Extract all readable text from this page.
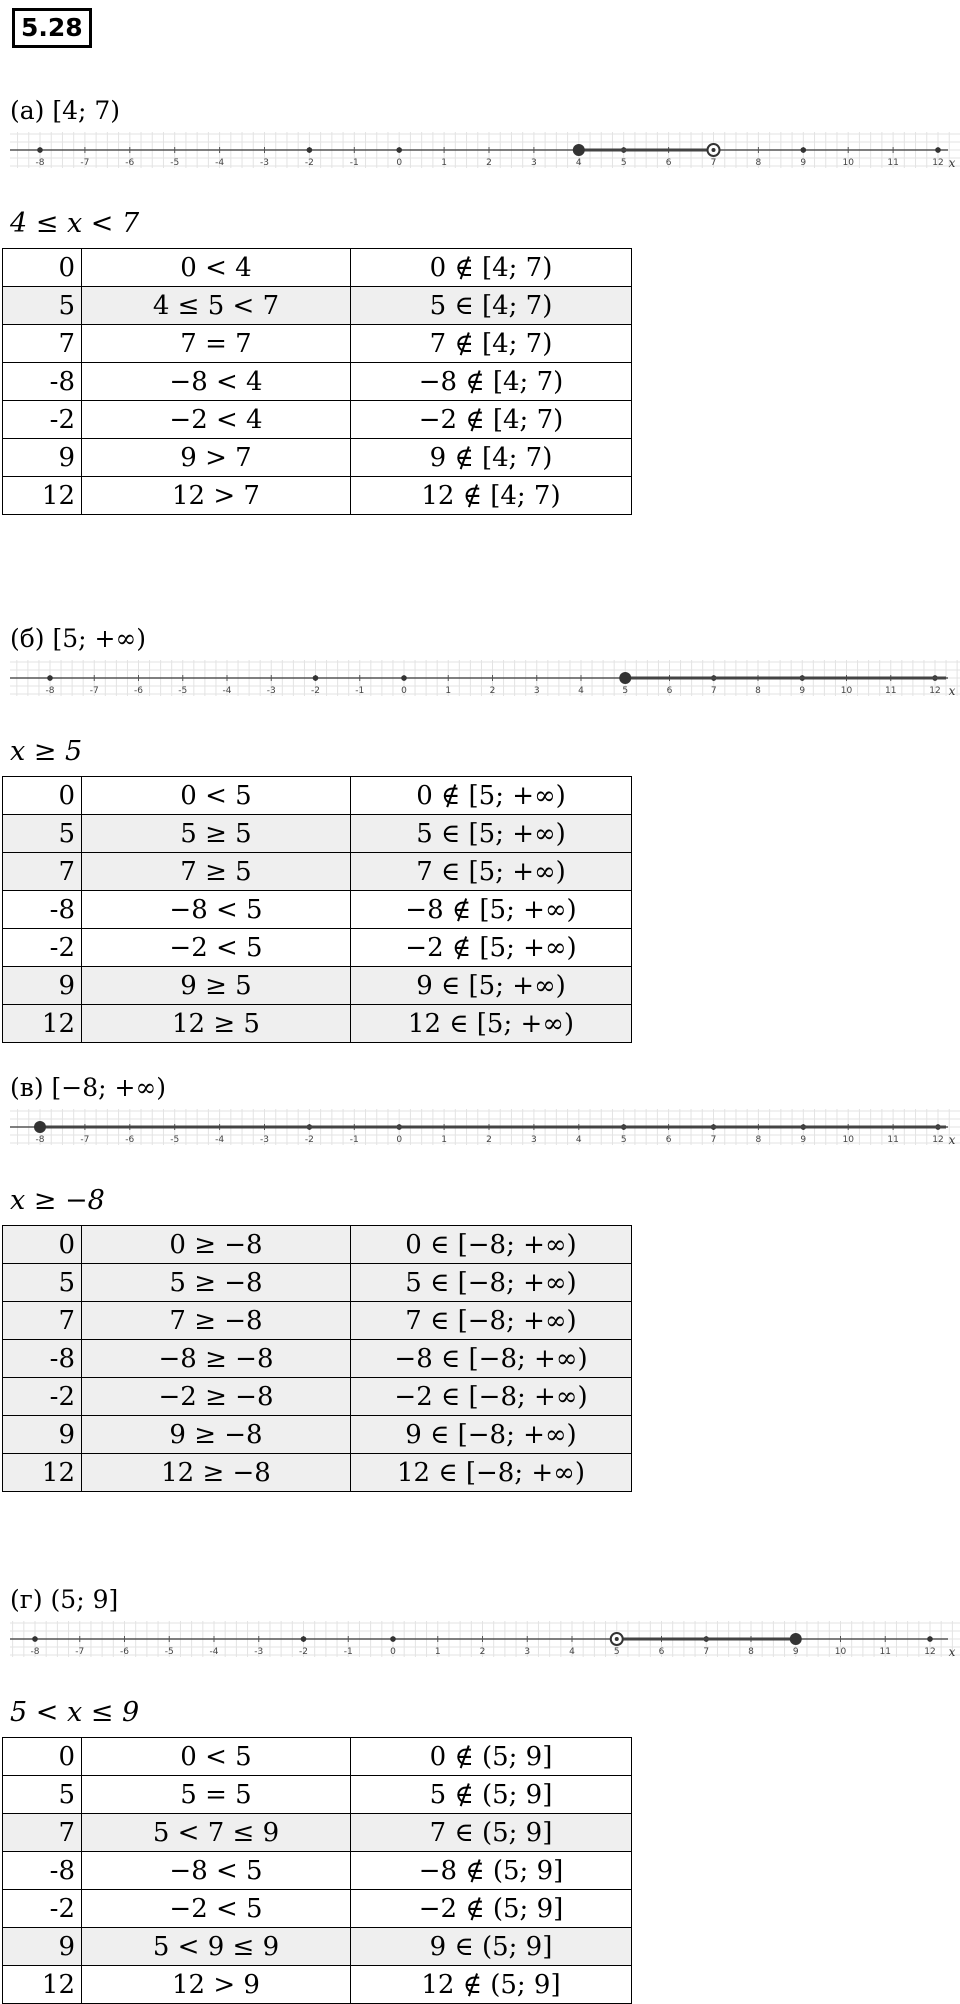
5.28
(а) [4; 7)
-8	-7	-6	-5	-4	-3	-2	-1	0	1	2	3	4	5	6	7	8	9	10	11	12 x
4 ≤ x < 7
0	0 < 4	0 ∉ [4; 7)
5	4 ≤ 5 < 7	5 ∈ [4; 7)
7	7 = 7	7 ∉ [4; 7)
-8	−8 < 4	−8 ∉ [4; 7)
-2	−2 < 4	−2 ∉ [4; 7)
9	9 > 7	9 ∉ [4; 7)
12	12 > 7	12 ∉ [4; 7)
(б) [5; +∞)
-8	-7	-6	-5	-4	-3	-2	-1	0	1	2	3	4	5	6	7	8	9	10	11	12 x
x ≥ 5
0	0 < 5	0 ∉ [5; +∞)
5	5 ≥ 5	5 ∈ [5; +∞)
7	7 ≥ 5	7 ∈ [5; +∞)
-8	−8 < 5	−8 ∉ [5; +∞)
-2	−2 < 5	−2 ∉ [5; +∞)
9	9 ≥ 5	9 ∈ [5; +∞)
12	12 ≥ 5	12 ∈ [5; +∞)
(в) [−8; +∞)
-8	-7	-6	-5	-4	-3	-2	-1	0	1	2	3	4	5	6	7	8	9	10	11	12 x
x ≥ −8
0	0 ≥ −8	0 ∈ [−8; +∞)
5	5 ≥ −8	5 ∈ [−8; +∞)
7	7 ≥ −8	7 ∈ [−8; +∞)
-8	−8 ≥ −8	−8 ∈ [−8; +∞)
-2	−2 ≥ −8	−2 ∈ [−8; +∞)
9	9 ≥ −8	9 ∈ [−8; +∞)
12	12 ≥ −8	12 ∈ [−8; +∞)
(г) (5; 9]
-8	-7	-6	-5	-4	-3	-2	-1	0	1	2	3	4	5	6	7	8	9	10	11	12 x
5 < x ≤ 9
0	0 < 5	0 ∉ (5; 9]
5	5 = 5	5 ∉ (5; 9]
7	5 < 7 ≤ 9	7 ∈ (5; 9]
-8	−8 < 5	−8 ∉ (5; 9]
-2	−2 < 5	−2 ∉ (5; 9]
9	5 < 9 ≤ 9	9 ∈ (5; 9]
12	12 > 9	12 ∉ (5; 9]
